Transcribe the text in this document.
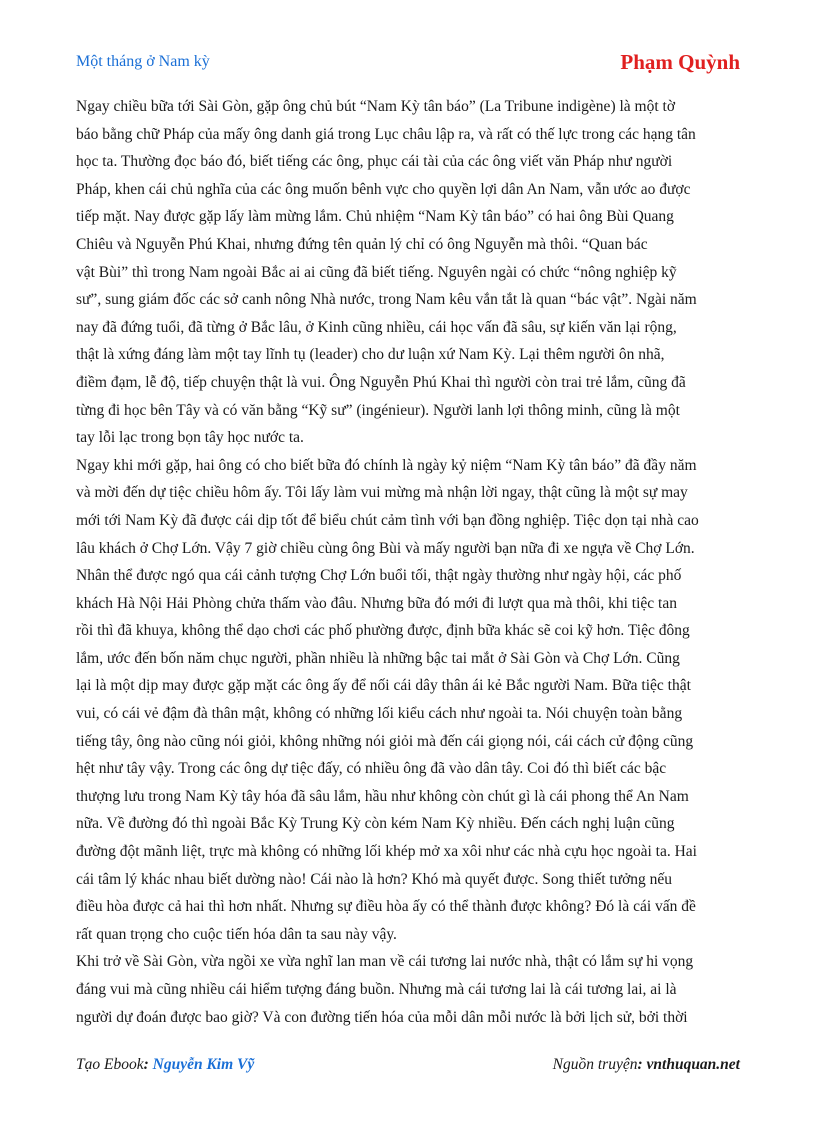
Một tháng ở Nam kỳ	Phạm Quỳnh

Ngay chiều bữa tới Sài Gòn, gặp ông chủ bút “Nam Kỳ tân báo” (La Tribune indigène) là một tờ
báo bằng chữ Pháp của mấy ông danh giá trong Lục châu lập ra, và rất có thế lực trong các hạng tân
học ta. Thường đọc báo đó, biết tiếng các ông, phục cái tài của các ông viết văn Pháp như người
Pháp, khen cái chủ nghĩa của các ông muốn bênh vực cho quyền lợi dân An Nam, vẫn ước ao được
tiếp mặt. Nay được gặp lấy làm mừng lắm. Chủ nhiệm “Nam Kỳ tân báo” có hai ông Bùi Quang
Chiêu và Nguyễn Phú Khai, nhưng đứng tên quản lý chỉ có ông Nguyễn mà thôi. “Quan bác
vật Bùi” thì trong Nam ngoài Bắc ai ai cũng đã biết tiếng. Nguyên ngài có chức “nông nghiệp kỹ
sư”, sung giám đốc các sở canh nông Nhà nước, trong Nam kêu vắn tắt là quan “bác vật”. Ngài năm
nay đã đứng tuổi, đã từng ở Bắc lâu, ở Kinh cũng nhiều, cái học vấn đã sâu, sự kiến văn lại rộng,
thật là xứng đáng làm một tay lĩnh tụ (leader) cho dư luận xứ Nam Kỳ. Lại thêm người ôn nhã,
điềm đạm, lễ độ, tiếp chuyện thật là vui. Ông Nguyễn Phú Khai thì người còn trai trẻ lắm, cũng đã
từng đi học bên Tây và có văn bằng “Kỹ sư” (ingénieur). Người lanh lợi thông minh, cũng là một
tay lỗi lạc trong bọn tây học nước ta.

Ngay khi mới gặp, hai ông có cho biết bữa đó chính là ngày kỷ niệm “Nam Kỳ tân báo” đã đầy năm
và mời đến dự tiệc chiều hôm ấy. Tôi lấy làm vui mừng mà nhận lời ngay, thật cũng là một sự may
mới tới Nam Kỳ đã được cái dịp tốt để biểu chút cảm tình với bạn đồng nghiệp. Tiệc dọn tại nhà cao
lâu khách ở Chợ Lớn. Vậy 7 giờ chiều cùng ông Bùi và mấy người bạn nữa đi xe ngựa về Chợ Lớn.
Nhân thể được ngó qua cái cảnh tượng Chợ Lớn buổi tối, thật ngày thường như ngày hội, các phố
khách Hà Nội Hải Phòng chửa thấm vào đâu. Nhưng bữa đó mới đi lượt qua mà thôi, khi tiệc tan
rồi thì đã khuya, không thể dạo chơi các phố phường được, định bữa khác sẽ coi kỹ hơn. Tiệc đông
lắm, ước đến bốn năm chục người, phần nhiều là những bậc tai mắt ở Sài Gòn và Chợ Lớn. Cũng
lại là một dịp may được gặp mặt các ông ấy để nối cái dây thân ái kẻ Bắc người Nam. Bữa tiệc thật
vui, có cái vẻ đậm đà thân mật, không có những lối kiểu cách như ngoài ta. Nói chuyện toàn bằng
tiếng tây, ông nào cũng nói giỏi, không những nói giỏi mà đến cái giọng nói, cái cách cử động cũng
hệt như tây vậy. Trong các ông dự tiệc đấy, có nhiều ông đã vào dân tây. Coi đó thì biết các bậc
thượng lưu trong Nam Kỳ tây hóa đã sâu lắm, hầu như không còn chút gì là cái phong thể An Nam
nữa. Về đường đó thì ngoài Bắc Kỳ Trung Kỳ còn kém Nam Kỳ nhiều. Đến cách nghị luận cũng
đường đột mãnh liệt, trực mà không có những lối khép mở xa xôi như các nhà cựu học ngoài ta. Hai
cái tâm lý khác nhau biết dường nào! Cái nào là hơn? Khó mà quyết được. Song thiết tưởng nếu
điều hòa được cả hai thì hơn nhất. Nhưng sự điều hòa ấy có thể thành được không? Đó là cái vấn đề
rất quan trọng cho cuộc tiến hóa dân ta sau này vậy.

Khi trở về Sài Gòn, vừa ngồi xe vừa nghĩ lan man về cái tương lai nước nhà, thật có lắm sự hi vọng
đáng vui mà cũng nhiều cái hiểm tượng đáng buồn. Nhưng mà cái tương lai là cái tương lai, ai là
người dự đoán được bao giờ? Và con đường tiến hóa của mỗi dân mỗi nước là bởi lịch sử, bởi thời

Tạo Ebook: Nguyễn Kim Vỹ	Nguồn truyện: vnthuquan.net
